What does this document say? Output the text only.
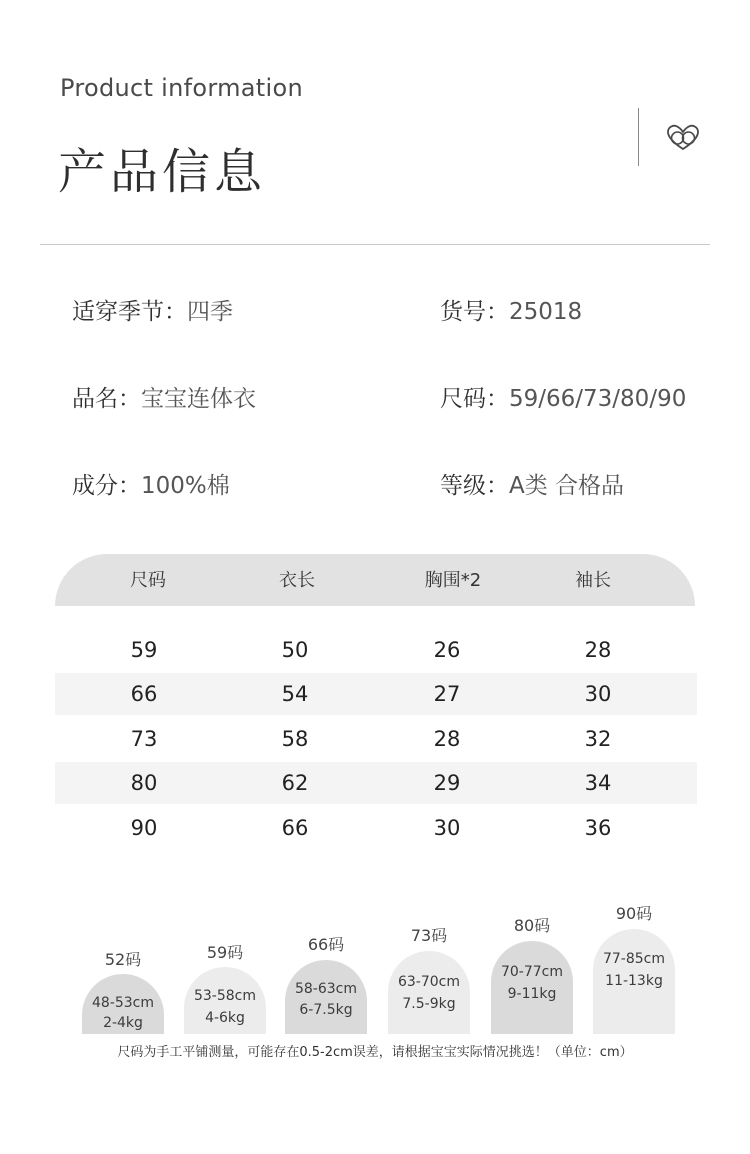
Product information
产品信息
适穿季节：四季	货号：25018
品名：宝宝连体衣	尺码：59/66/73/80/90
成分：100%棉	等级：A类 合格品
尺码	衣长	胸围*2	袖长
59	50	26	28
66	54	27	30
73	58	28	32
80	62	29	34
90	66	30	36
52码
48-53cm
2-4kg
59码
53-58cm
4-6kg
66码
58-63cm
6-7.5kg
73码
63-70cm
7.5-9kg
80码
70-77cm
9-11kg
90码
77-85cm
11-13kg
尺码为手工平铺测量，可能存在0.5-2cm误差，请根据宝宝实际情况挑选！（单位：cm）
